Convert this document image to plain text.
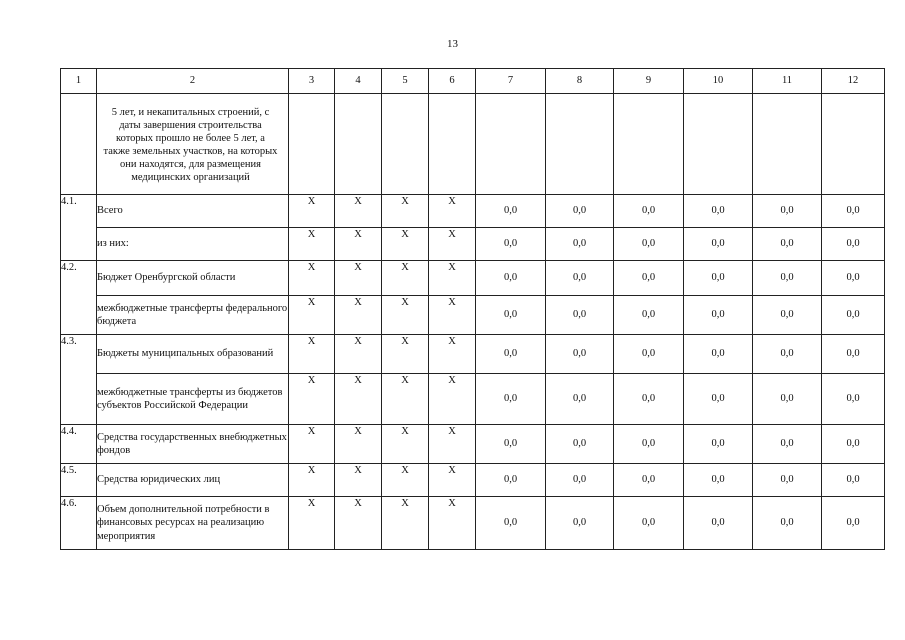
13
1	2	3	4	5	6	7	8	9	10	11	12
	5 лет, и некапитальных строений, с даты завершения строительства которых прошло не более 5 лет, а также земельных участков, на которых они находятся, для размещения медицинских организаций										
4.1.	Всего	X	X	X	X	0,0	0,0	0,0	0,0	0,0	0,0
	из них:	X	X	X	X	0,0	0,0	0,0	0,0	0,0	0,0
4.2.	Бюджет Оренбургской области	X	X	X	X	0,0	0,0	0,0	0,0	0,0	0,0
	межбюджетные трансферты федерального бюджета	X	X	X	X	0,0	0,0	0,0	0,0	0,0	0,0
4.3.	Бюджеты муниципальных образований	X	X	X	X	0,0	0,0	0,0	0,0	0,0	0,0
	межбюджетные трансферты из бюджетов субъектов Российской Федерации	X	X	X	X	0,0	0,0	0,0	0,0	0,0	0,0
4.4.	Средства государственных внебюджетных фондов	X	X	X	X	0,0	0,0	0,0	0,0	0,0	0,0
4.5.	Средства юридических лиц	X	X	X	X	0,0	0,0	0,0	0,0	0,0	0,0
4.6.	Объем дополнительной потребности в финансовых ресурсах на реализацию мероприятия	X	X	X	X	0,0	0,0	0,0	0,0	0,0	0,0
